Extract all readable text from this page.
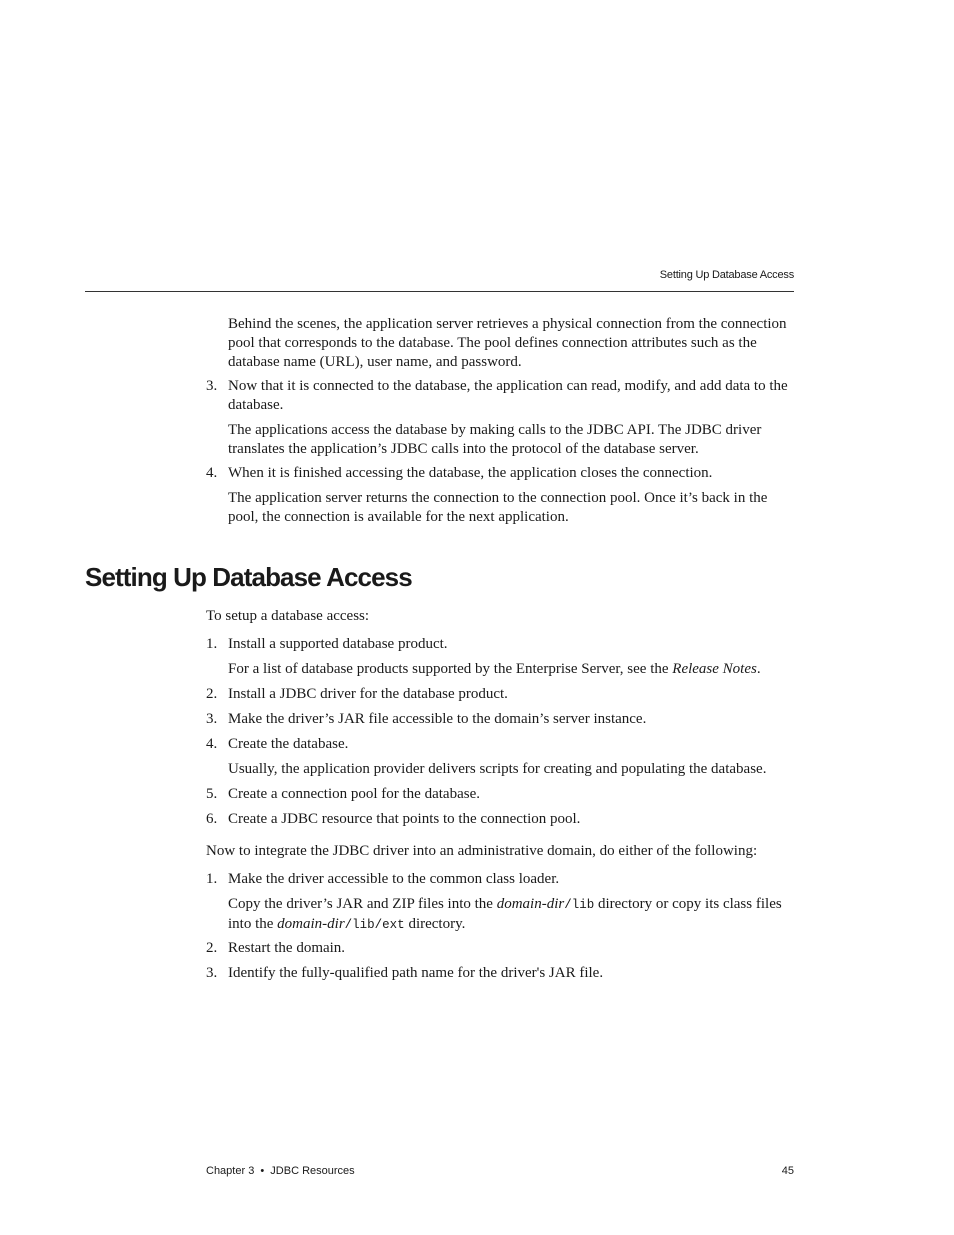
Setting Up Database Access

Behind the scenes, the application server retrieves a physical connection from the connection pool that corresponds to the database. The pool defines connection attributes such as the database name (URL), user name, and password.

3. Now that it is connected to the database, the application can read, modify, and add data to the database.

The applications access the database by making calls to the JDBC API. The JDBC driver translates the application’s JDBC calls into the protocol of the database server.

4. When it is finished accessing the database, the application closes the connection.

The application server returns the connection to the connection pool. Once it’s back in the pool, the connection is available for the next application.

Setting Up Database Access

To setup a database access:

1. Install a supported database product.

For a list of database products supported by the Enterprise Server, see the Release Notes.

2. Install a JDBC driver for the database product.

3. Make the driver’s JAR file accessible to the domain’s server instance.

4. Create the database.

Usually, the application provider delivers scripts for creating and populating the database.

5. Create a connection pool for the database.

6. Create a JDBC resource that points to the connection pool.

Now to integrate the JDBC driver into an administrative domain, do either of the following:

1. Make the driver accessible to the common class loader.

Copy the driver’s JAR and ZIP files into the domain-dir/lib directory or copy its class files into the domain-dir/lib/ext directory.

2. Restart the domain.

3. Identify the fully-qualified path name for the driver's JAR file.

Chapter 3 • JDBC Resources	45
